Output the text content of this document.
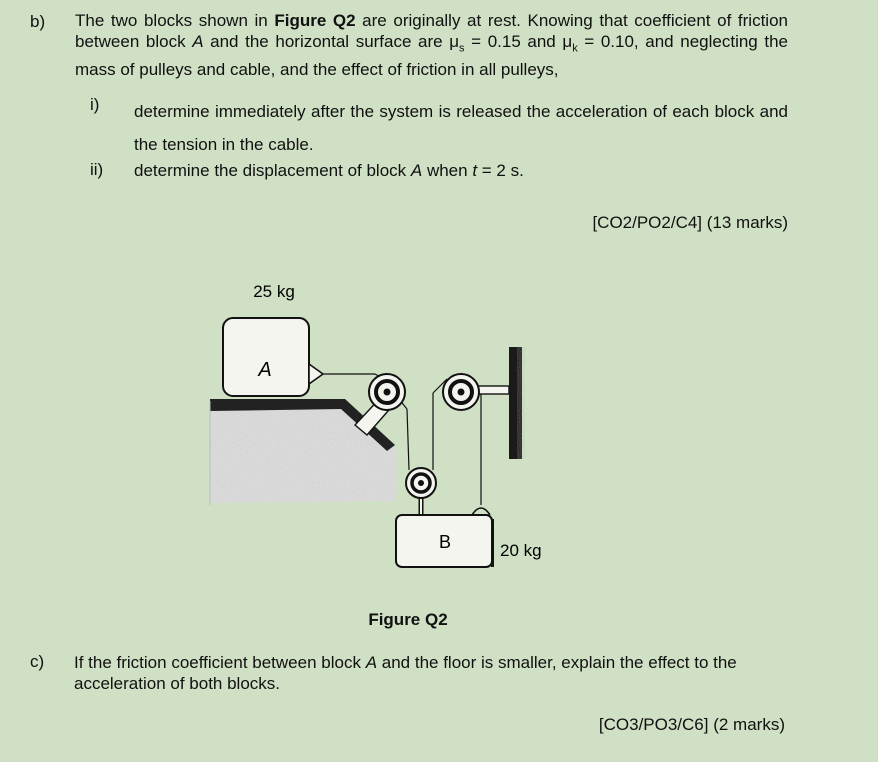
b) The two blocks shown in Figure Q2 are originally at rest. Knowing that coefficient of friction between block A and the horizontal surface are $\mu_s = 0.15$ and $\mu_k = 0.10$, and neglecting the mass of pulleys and cable, and the effect of friction in all pulleys,
i) determine immediately after the system is released the acceleration of each block and the tension in the cable.
ii) determine the displacement of block A when t = 2 s.
[CO2/PO2/C4] (13 marks)
A
25 kg
B	20 kg
Figure Q2
c) If the friction coefficient between block A and the floor is smaller, explain the effect to the acceleration of both blocks.
[CO3/PO3/C6] (2 marks)
